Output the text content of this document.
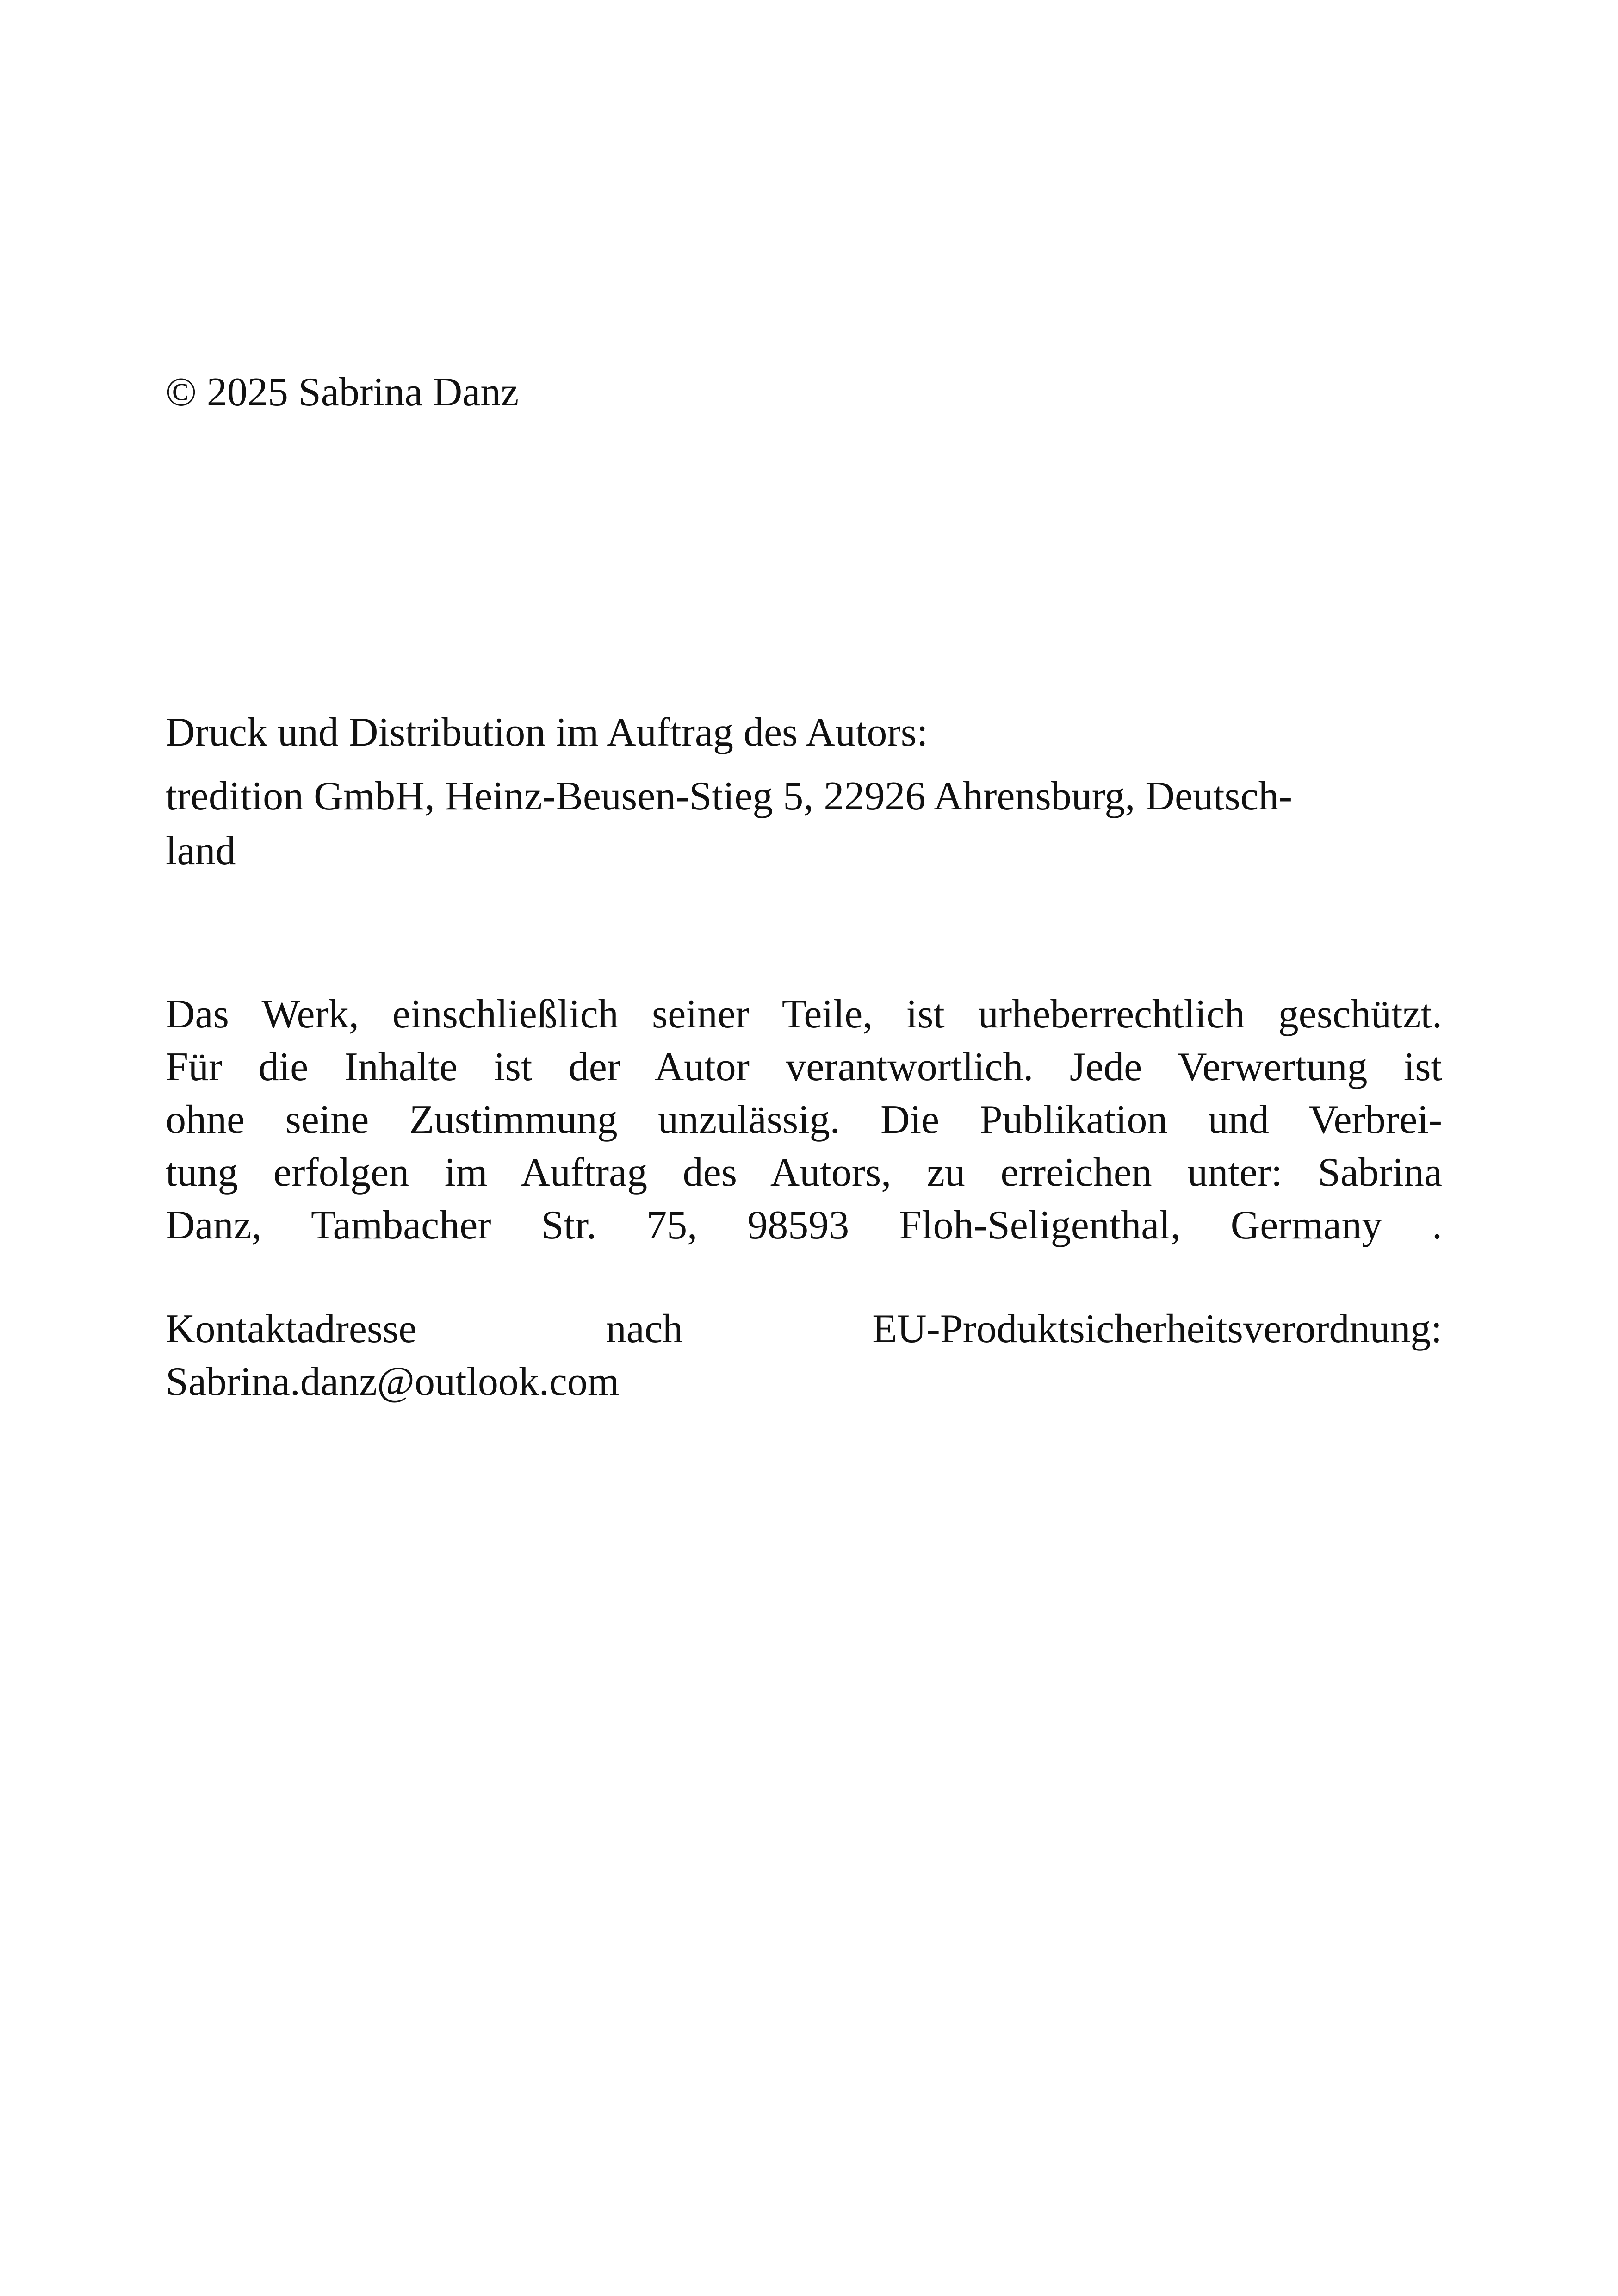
© 2025 Sabrina Danz
Druck und Distribution im Auftrag des Autors:
tredition GmbH, Heinz-Beusen-Stieg 5, 22926 Ahrensburg, Deutsch-
land
Das Werk, einschließlich seiner Teile, ist urheberrechtlich geschützt.
Für die Inhalte ist der Autor verantwortlich. Jede Verwertung ist
ohne seine Zustimmung unzulässig. Die Publikation und Verbrei-
tung erfolgen im Auftrag des Autors, zu erreichen unter: Sabrina
Danz, Tambacher Str. 75, 98593 Floh-Seligenthal, Germany .
Kontaktadresse	nach	EU-Produktsicherheitsverordnung:
Sabrina.danz@outlook.com
